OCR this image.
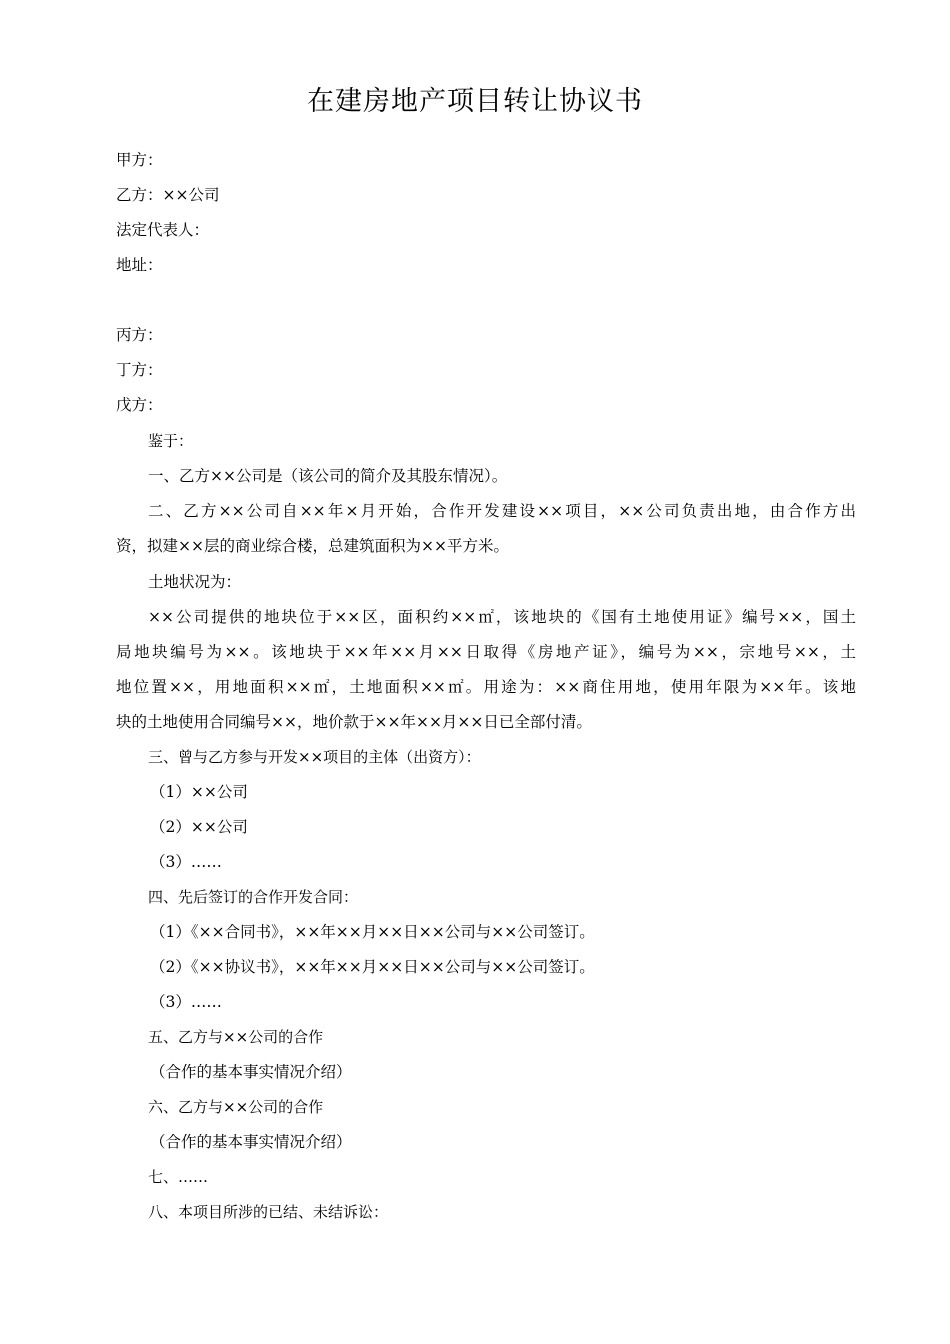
在建房地产项目转让协议书
甲方：
乙方：××公司
法定代表人：
地址：
丙方：
丁方：
戊方：
鉴于：
一、乙方××公司是（该公司的简介及其股东情况）。
二、乙方××公司自××年×月开始，合作开发建设××项目，××公司负责出地，由合作方出
资，拟建××层的商业综合楼，总建筑面积为××平方米。
土地状况为：
××公司提供的地块位于××区，面积约××㎡，该地块的《国有土地使用证》编号××，国土
局地块编号为××。该地块于××年××月××日取得《房地产证》，编号为××，宗地号××，土
地位置××，用地面积××㎡，土地面积××㎡。用途为：××商住用地，使用年限为××年。该地
块的土地使用合同编号××，地价款于××年××月××日已全部付清。
三、曾与乙方参与开发××项目的主体（出资方）：
（1）××公司
（2）××公司
（3）……
四、先后签订的合作开发合同：
（1）《××合同书》，××年××月××日××公司与××公司签订。
（2）《××协议书》，××年××月××日××公司与××公司签订。
（3）……
五、乙方与××公司的合作
（合作的基本事实情况介绍）
六、乙方与××公司的合作
（合作的基本事实情况介绍）
七、……
八、本项目所涉的已结、未结诉讼：
